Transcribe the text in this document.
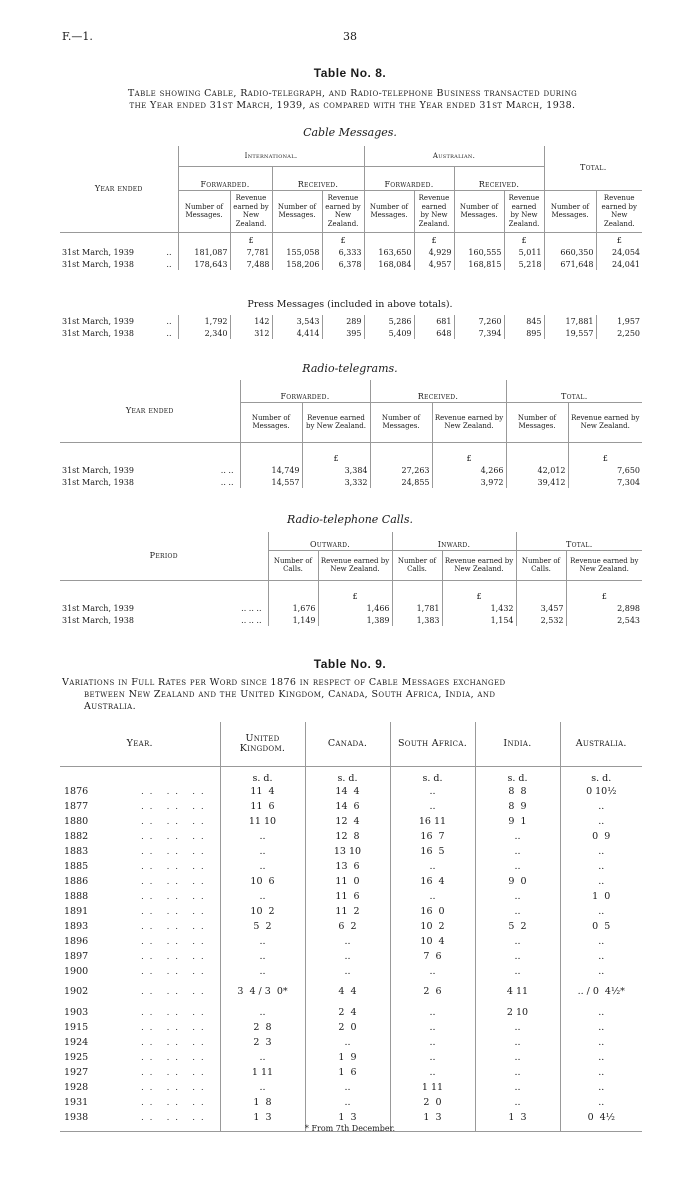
F.—1.	38
Table No. 8.
Table showing Cable, Radio-telegraph, and Radio-telephone Business transacted during
the Year ended 31st March, 1939, as compared with the Year ended 31st March, 1938.
Cable Messages.
Year ended	International.				Australian.				Total.	
	Forwarded.		Received.		Forwarded.		Received.			
	Number of Messages.	Revenue earned by New Zealand.	Number of Messages.	Revenue earned by New Zealand.	Number of Messages.	Revenue earned by New Zealand.	Number of Messages.	Revenue earned by New Zealand.	Number of Messages.	Revenue earned by New Zealand.
		£		£		£		£		£
31st March, 1939 ..	181,087	7,781	155,058	6,333	163,650	4,929	160,555	5,011	660,350	24,054
31st March, 1938 ..	178,643	7,488	158,206	6,378	168,084	4,957	168,815	5,218	671,648	24,041
Press Messages (included in above totals).
31st March, 1939 ..	1,792	142	3,543	289	5,286	681	7,260	845	17,881	1,957
31st March, 1938 ..	2,340	312	4,414	395	5,409	648	7,394	895	19,557	2,250
Radio-telegrams.
Year ended	Forwarded.		Received.		Total.	
	Number of Messages.	Revenue earned by New Zealand.	Number of Messages.	Revenue earned by New Zealand.	Number of Messages.	Revenue earned by New Zealand.
		£		£		£
31st March, 1939 .. ..	14,749	3,384	27,263	4,266	42,012	7,650
31st March, 1938 .. ..	14,557	3,332	24,855	3,972	39,412	7,304
Radio-telephone Calls.
Period	Outward.		Inward.		Total.	
	Number of Calls.	Revenue earned by New Zealand.	Number of Calls.	Revenue earned by New Zealand.	Number of Calls.	Revenue earned by New Zealand.
		£		£		£
31st March, 1939 .. .. ..	1,676	1,466	1,781	1,432	3,457	2,898
31st March, 1938 .. .. ..	1,149	1,389	1,383	1,154	2,532	2,543
Table No. 9.
Variations in Full Rates per Word since 1876 in respect of Cable Messages exchanged
between New Zealand and the United Kingdom, Canada, South Africa, India, and
Australia.
Year.	United Kingdom.	Canada.	South Africa.	India.	Australia.
	s. d.	s. d.	s. d.	s. d.	s. d.
1876 .. .. ..	11  4	14  4	..	8  8	0 10½
1877 .. .. ..	11  6	14  6	..	8  9	..
1880 .. .. ..	11 10	12  4	16 11	9  1	..
1882 .. .. ..	..	12  8	16  7	..	0  9
1883 .. .. ..	..	13 10	16  5	..	..
1885 .. .. ..	..	13  6	..	..	..
1886 .. .. ..	10  6	11  0	16  4	9  0	..
1888 .. .. ..	..	11  6	..	..	1  0
1891 .. .. ..	10  2	11  2	16  0	..	..
1893 .. .. ..	5  2	6  2	10  2	5  2	0  5
1896 .. .. ..	..	..	10  4	..	..
1897 .. .. ..	..	..	7  6	..	..
1900 .. .. ..	..	..	..	..	..
1902 .. .. ..	3  4 / 3  0*	4  4	2  6	4 11	.. / 0  4½*
1903 .. .. ..	..	2  4	..	2 10	..
1915 .. .. ..	2  8	2  0	..	..	..
1924 .. .. ..	2  3	..	..	..	..
1925 .. .. ..	..	1  9	..	..	..
1927 .. .. ..	1 11	1  6	..	..	..
1928 .. .. ..	..	..	1 11	..	..
1931 .. .. ..	1  8	..	2  0	..	..
1938 .. .. ..	1  3	1  3	1  3	1  3	0  4½

* From 7th December.
